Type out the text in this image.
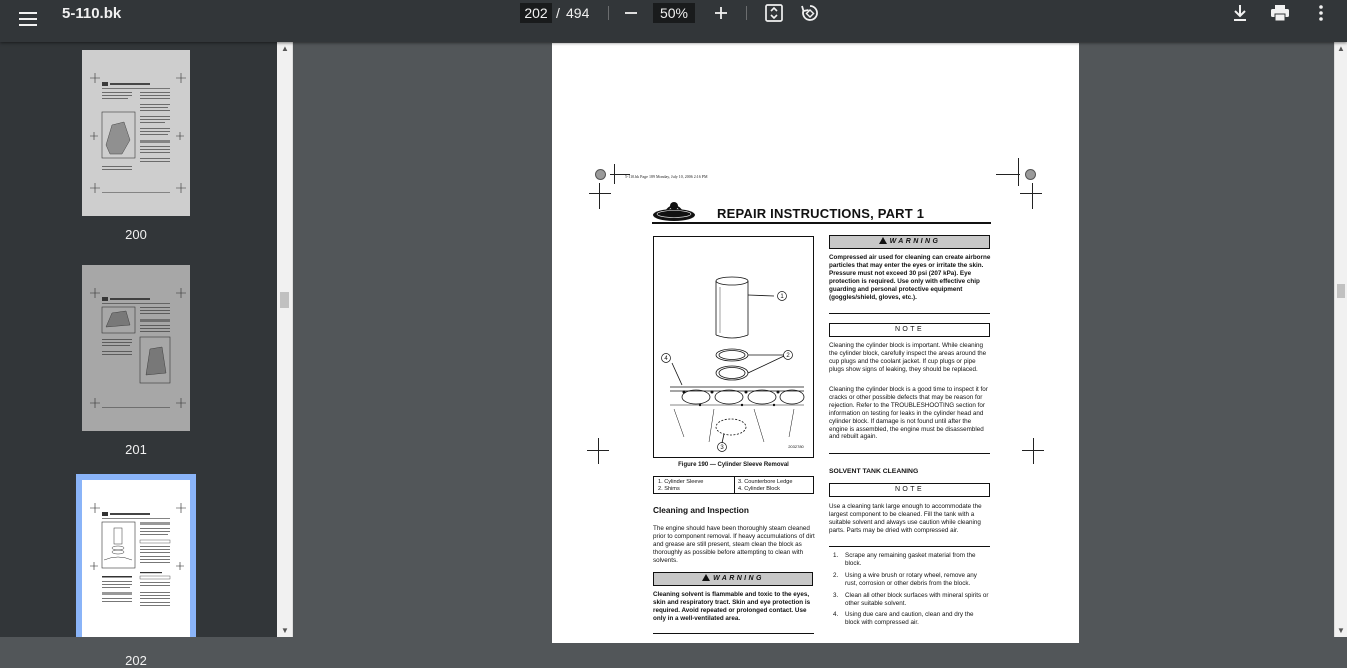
5-110.bk	202 / 494	50%
200
201
▲
▼
▲
▼
5-110.bk Page 189 Monday, July 10, 2006 2:16 PM
REPAIR INSTRUCTIONS, PART 1
1
2
3
4
2032780
Figure 190 — Cylinder Sleeve Removal
1. Cylinder Sleeve
2. Shims
3. Counterbore Ledge
4. Cylinder Block
Cleaning and Inspection
The engine should have been thoroughly steam cleaned prior to component removal. If heavy accumulations of dirt and grease are still present, steam clean the block as thoroughly as possible before attempting to clean with solvents.
WARNING
Cleaning solvent is flammable and toxic to the eyes, skin and respiratory tract. Skin and eye protection is required. Avoid repeated or prolonged contact. Use only in a well-ventilated area.
WARNING
Compressed air used for cleaning can create airborne particles that may enter the eyes or irritate the skin. Pressure must not exceed 30 psi (207 kPa). Eye protection is required. Use only with effective chip guarding and personal protective equipment (goggles/shield, gloves, etc.).
NOTE
Cleaning the cylinder block is important. While cleaning the cylinder block, carefully inspect the areas around the cup plugs and the coolant jacket. If cup plugs or pipe plugs show signs of leaking, they should be replaced.
Cleaning the cylinder block is a good time to inspect it for cracks or other possible defects that may be reason for rejection. Refer to the TROUBLESHOOTING section for information on testing for leaks in the cylinder head and cylinder block. If damage is not found until after the engine is assembled, the engine must be disassembled and rebuilt again.
SOLVENT TANK CLEANING
NOTE
Use a cleaning tank large enough to accommodate the largest component to be cleaned. Fill the tank with a suitable solvent and always use caution while cleaning parts. Parts may be dried with compressed air.
1. Scrape any remaining gasket material from the block.
2. Using a wire brush or rotary wheel, remove any rust, corrosion or other debris from the block.
3. Clean all other block surfaces with mineral spirits or other suitable solvent.
4. Using due care and caution, clean and dry the block with compressed air.
202
